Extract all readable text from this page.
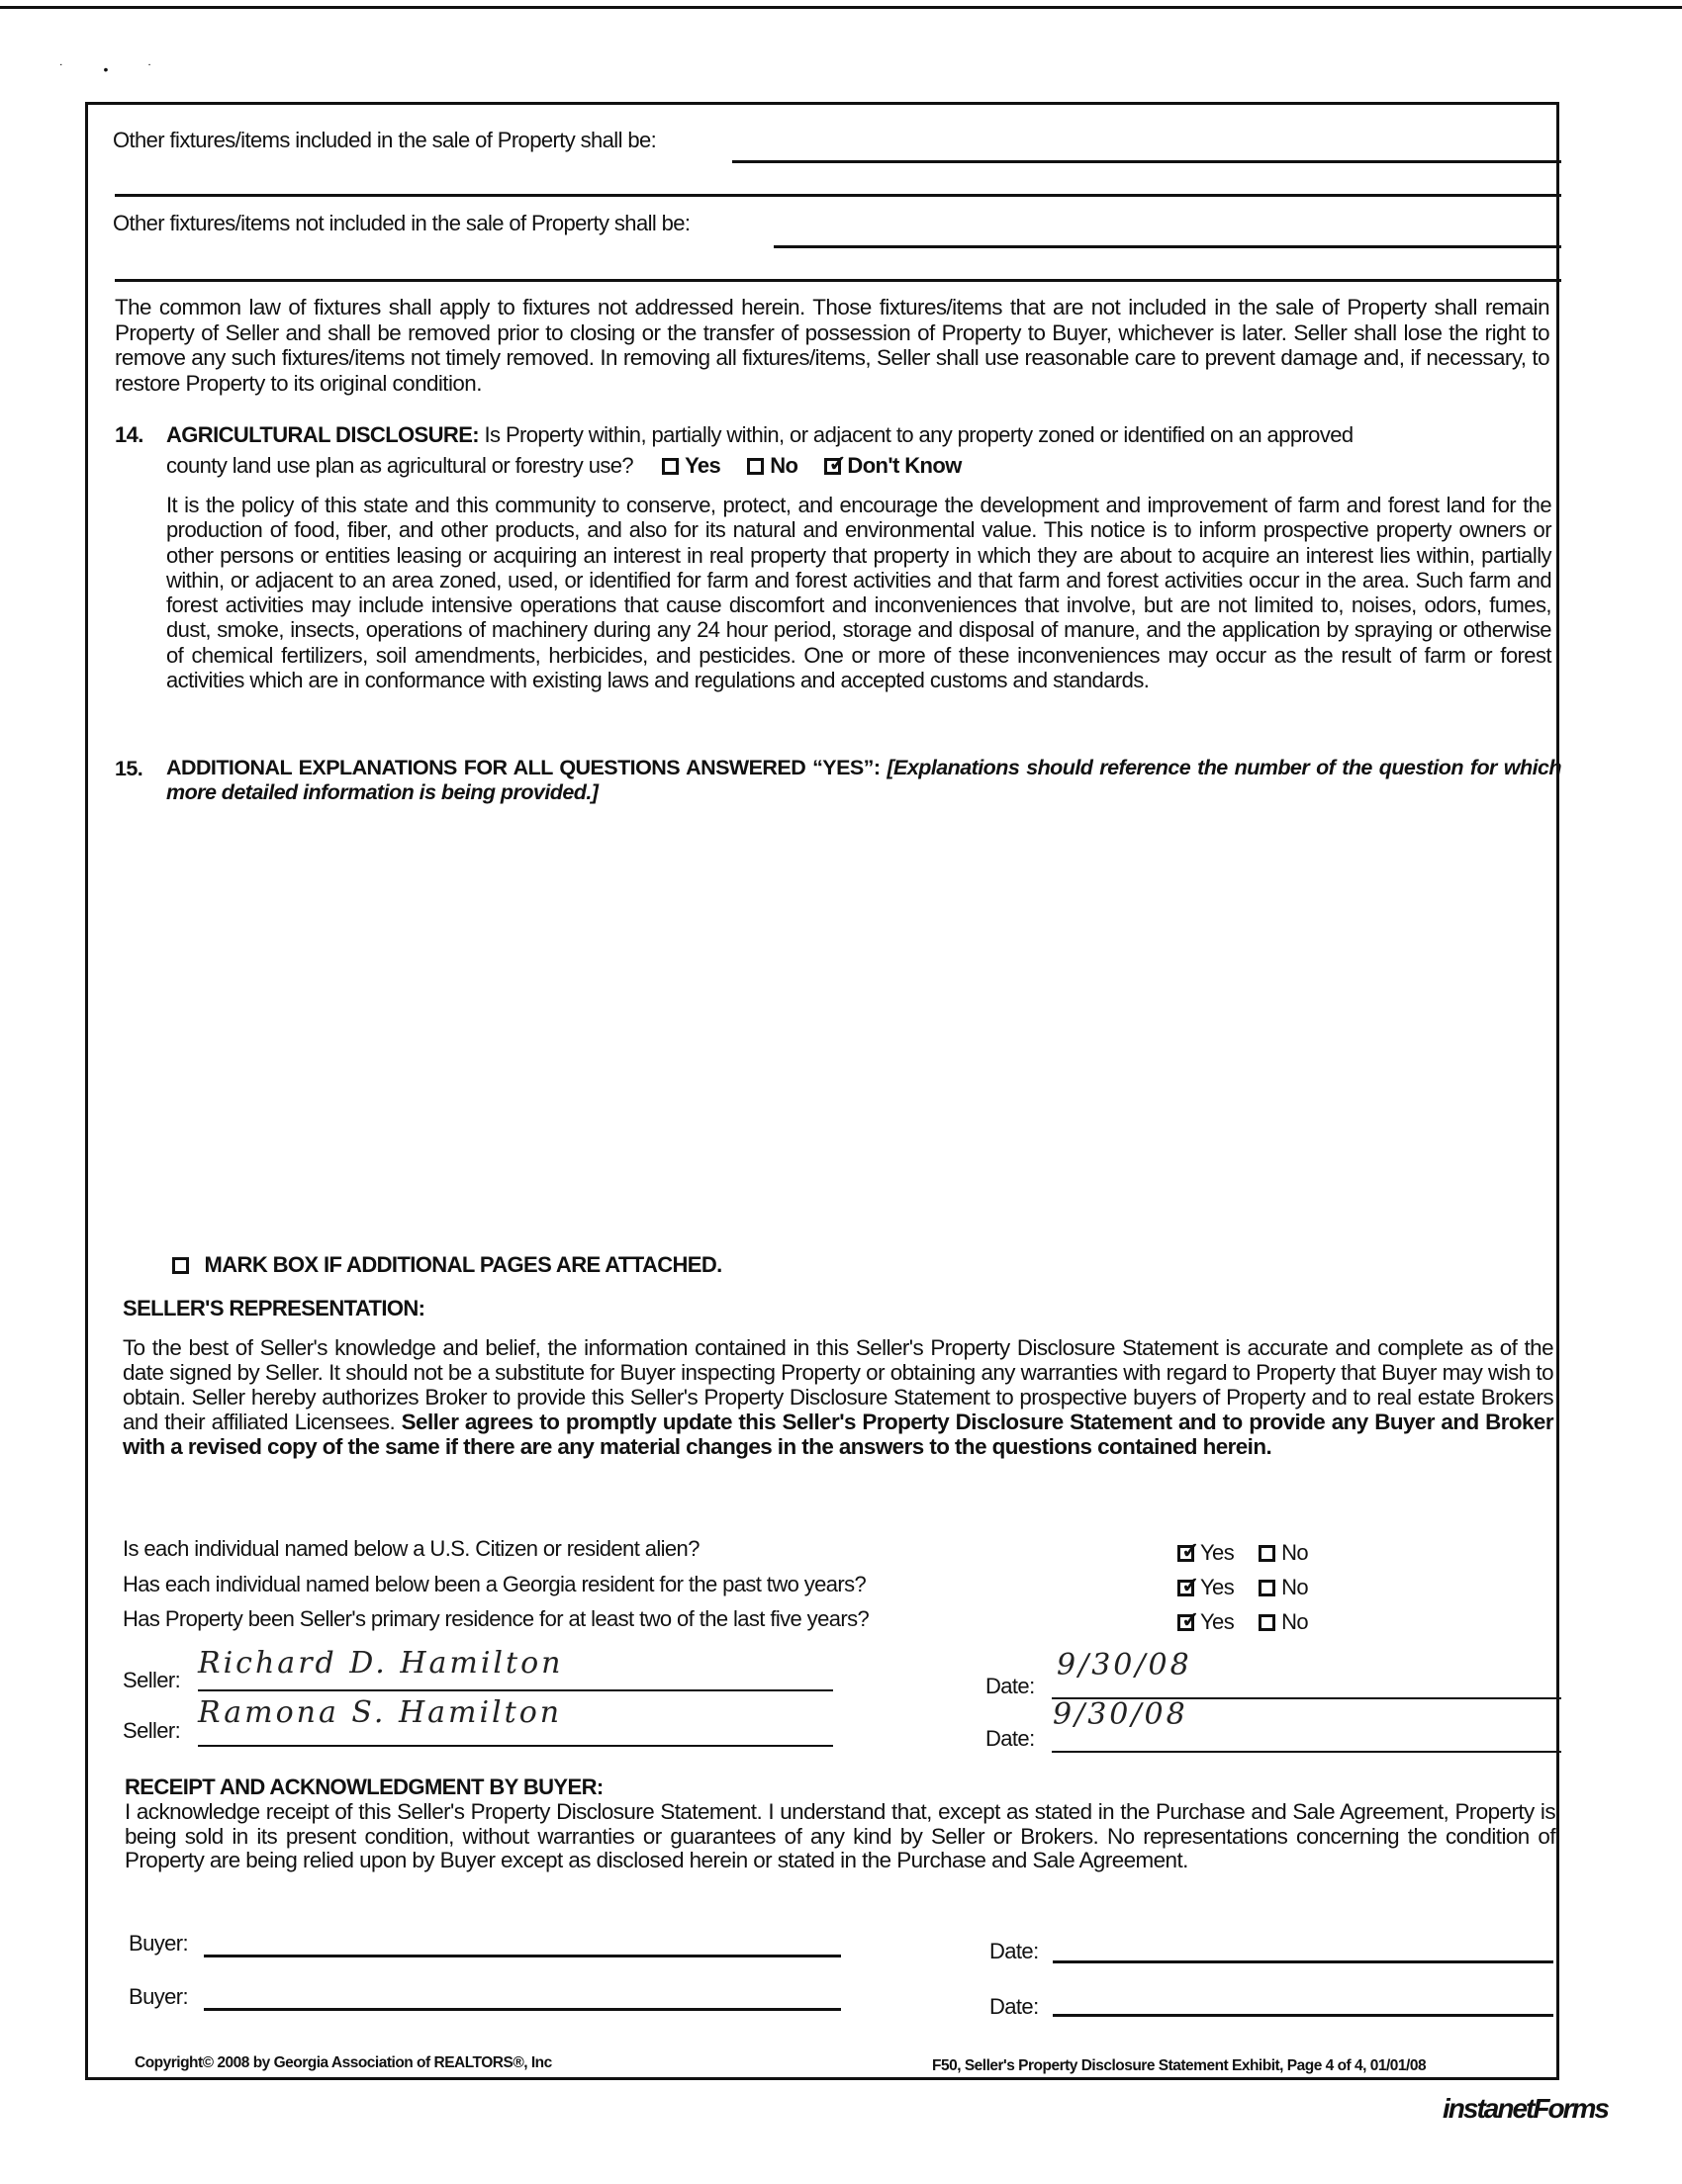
˙ • ˙
Other fixtures/items included in the sale of Property shall be:
Other fixtures/items not included in the sale of Property shall be:
The common law of fixtures shall apply to fixtures not addressed herein. Those fixtures/items that are not included in the sale of Property shall remain Property of Seller and shall be removed prior to closing or the transfer of possession of Property to Buyer, whichever is later. Seller shall lose the right to remove any such fixtures/items not timely removed. In removing all fixtures/items, Seller shall use reasonable care to prevent damage and, if necessary, to restore Property to its original condition.
14. AGRICULTURAL DISCLOSURE: Is Property within, partially within, or adjacent to any property zoned or identified on an approved
county land use plan as agricultural or forestry use? Yes No ✓ Don't Know
It is the policy of this state and this community to conserve, protect, and encourage the development and improvement of farm and forest land for the production of food, fiber, and other products, and also for its natural and environmental value. This notice is to inform prospective property owners or other persons or entities leasing or acquiring an interest in real property that property in which they are about to acquire an interest lies within, partially within, or adjacent to an area zoned, used, or identified for farm and forest activities and that farm and forest activities occur in the area. Such farm and forest activities may include intensive operations that cause discomfort and inconveniences that involve, but are not limited to, noises, odors, fumes, dust, smoke, insects, operations of machinery during any 24 hour period, storage and disposal of manure, and the application by spraying or otherwise of chemical fertilizers, soil amendments, herbicides, and pesticides. One or more of these inconveniences may occur as the result of farm or forest activities which are in conformance with existing laws and regulations and accepted customs and standards.
15. ADDITIONAL EXPLANATIONS FOR ALL QUESTIONS ANSWERED “YES”: [Explanations should reference the number of the question for which more detailed information is being provided.]
MARK BOX IF ADDITIONAL PAGES ARE ATTACHED.
SELLER'S REPRESENTATION:
To the best of Seller's knowledge and belief, the information contained in this Seller's Property Disclosure Statement is accurate and complete as of the date signed by Seller. It should not be a substitute for Buyer inspecting Property or obtaining any warranties with regard to Property that Buyer may wish to obtain. Seller hereby authorizes Broker to provide this Seller's Property Disclosure Statement to prospective buyers of Property and to real estate Brokers and their affiliated Licensees. Seller agrees to promptly update this Seller's Property Disclosure Statement and to provide any Buyer and Broker with a revised copy of the same if there are any material changes in the answers to the questions contained herein.
Is each individual named below a U.S. Citizen or resident alien? ✓	Yes No
Has each individual named below been a Georgia resident for the past two years? ✓	Yes No
Has Property been Seller's primary residence for at least two of the last five years? ✓	Yes No
Seller: Richard D. Hamilton
Date:
9/30/08
Seller:
Ramona S. Hamilton
Date:
9/30/08
RECEIPT AND ACKNOWLEDGMENT BY BUYER:
I acknowledge receipt of this Seller's Property Disclosure Statement. I understand that, except as stated in the Purchase and Sale Agreement, Property is being sold in its present condition, without warranties or guarantees of any kind by Seller or Brokers. No representations concerning the condition of Property are being relied upon by Buyer except as disclosed herein or stated in the Purchase and Sale Agreement.
Buyer:	Date:
Buyer:	Date:
Copyright© 2008 by Georgia Association of REALTORS®, Inc	F50, Seller's Property Disclosure Statement Exhibit, Page 4 of 4, 01/01/08
instanetForms
